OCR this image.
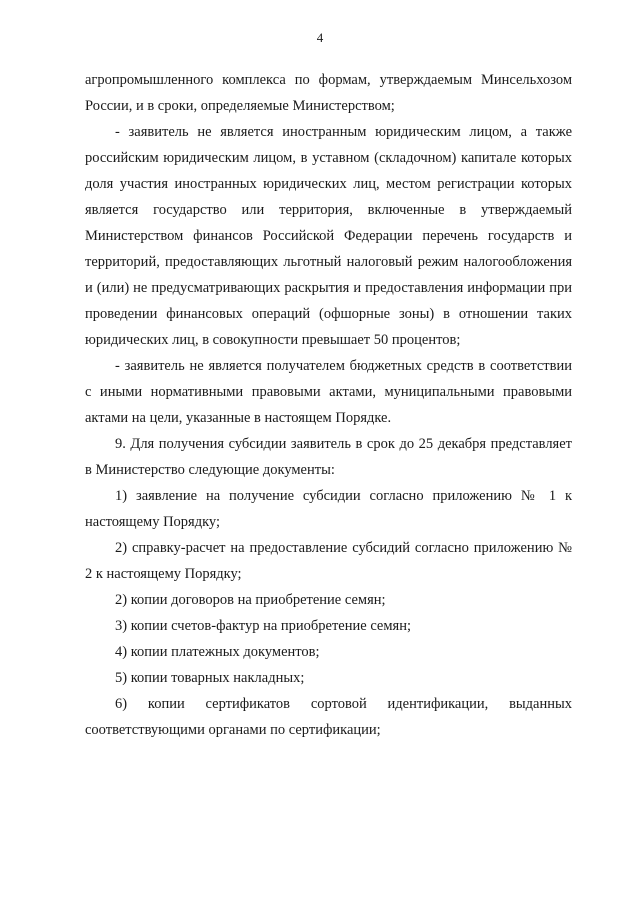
4

агропромышленного комплекса по формам, утверждаемым Минсельхозом России, и в сроки, определяемые Министерством;

- заявитель не является иностранным юридическим лицом, а также российским юридическим лицом, в уставном (складочном) капитале которых доля участия иностранных юридических лиц, местом регистрации которых является государство или территория, включенные в утверждаемый Министерством финансов Российской Федерации перечень государств и территорий, предоставляющих льготный налоговый режим налогообложения и (или) не предусматривающих раскрытия и предоставления информации при проведении финансовых операций (офшорные зоны) в отношении таких юридических лиц, в совокупности превышает 50 процентов;

- заявитель не является получателем бюджетных средств в соответствии с иными нормативными правовыми актами, муниципальными правовыми актами на цели, указанные в настоящем Порядке.

9. Для получения субсидии заявитель в срок до 25 декабря представляет в Министерство следующие документы:

1) заявление на получение субсидии согласно приложению № 1 к настоящему Порядку;

2) справку-расчет на предоставление субсидий согласно приложению № 2 к настоящему Порядку;

2) копии договоров на приобретение семян;

3) копии счетов-фактур на приобретение семян;

4) копии платежных документов;

5) копии товарных накладных;

6) копии сертификатов сортовой идентификации, выданных соответствующими органами по сертификации;
